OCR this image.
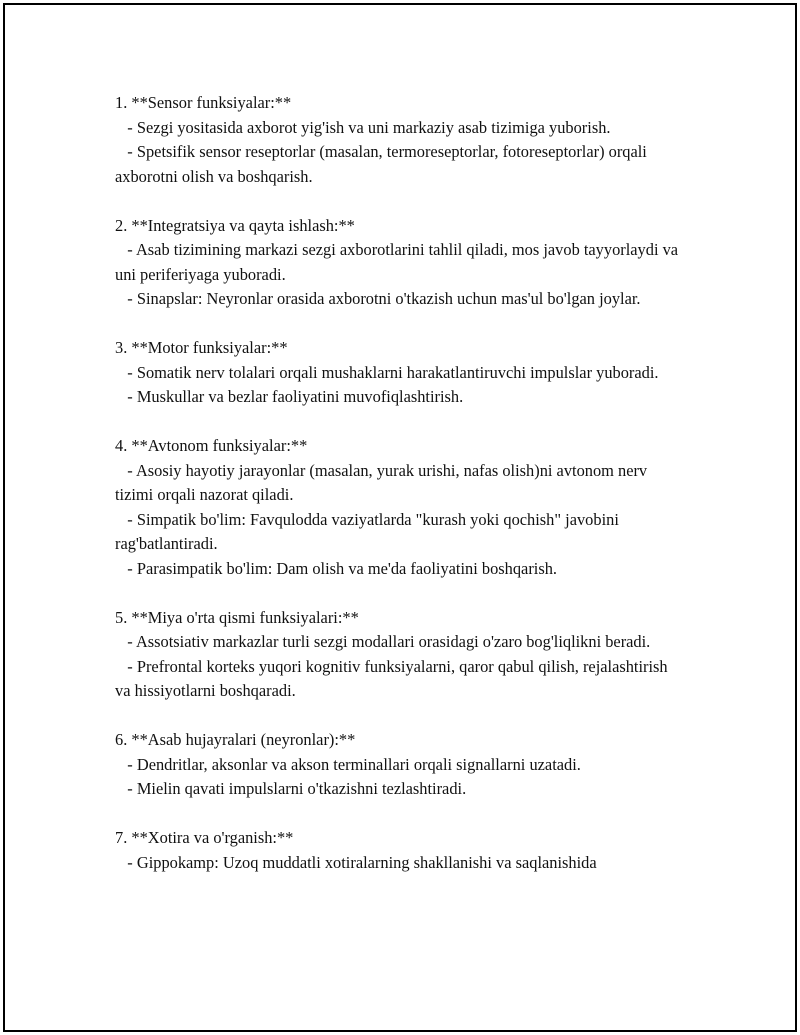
1. **Sensor funksiyalar:**
- Sezgi yositasida axborot yig'ish va uni markaziy asab tizimiga yuborish.
- Spetsifik sensor reseptorlar (masalan, termoreseptorlar, fotoreseptorlar) orqali axborotni olish va boshqarish.
2. **Integratsiya va qayta ishlash:**
- Asab tizimining markazi sezgi axborotlarini tahlil qiladi, mos javob tayyorlaydi va uni periferiyaga yuboradi.
- Sinapslar: Neyronlar orasida axborotni o'tkazish uchun mas'ul bo'lgan joylar.
3. **Motor funksiyalar:**
- Somatik nerv tolalari orqali mushaklarni harakatlantiruvchi impulslar yuboradi.
- Muskullar va bezlar faoliyatini muvofiqlashtirish.
4. **Avtonom funksiyalar:**
- Asosiy hayotiy jarayonlar (masalan, yurak urishi, nafas olish)ni avtonom nerv tizimi orqali nazorat qiladi.
- Simpatik bo'lim: Favqulodda vaziyatlarda "kurash yoki qochish" javobini rag'batlantiradi.
- Parasimpatik bo'lim: Dam olish va me'da faoliyatini boshqarish.
5. **Miya o'rta qismi funksiyalari:**
- Assotsiativ markazlar turli sezgi modallari orasidagi o'zaro bog'liqlikni beradi.
- Prefrontal korteks yuqori kognitiv funksiyalarni, qaror qabul qilish, rejalashtirish va hissiyotlarni boshqaradi.
6. **Asab hujayralari (neyronlar):**
- Dendritlar, aksonlar va akson terminallari orqali signallarni uzatadi.
- Mielin qavati impulslarni o'tkazishni tezlashtiradi.
7. **Xotira va o'rganish:**
- Gippokamp: Uzoq muddatli xotiralarning shakllanishi va saqlanishida
